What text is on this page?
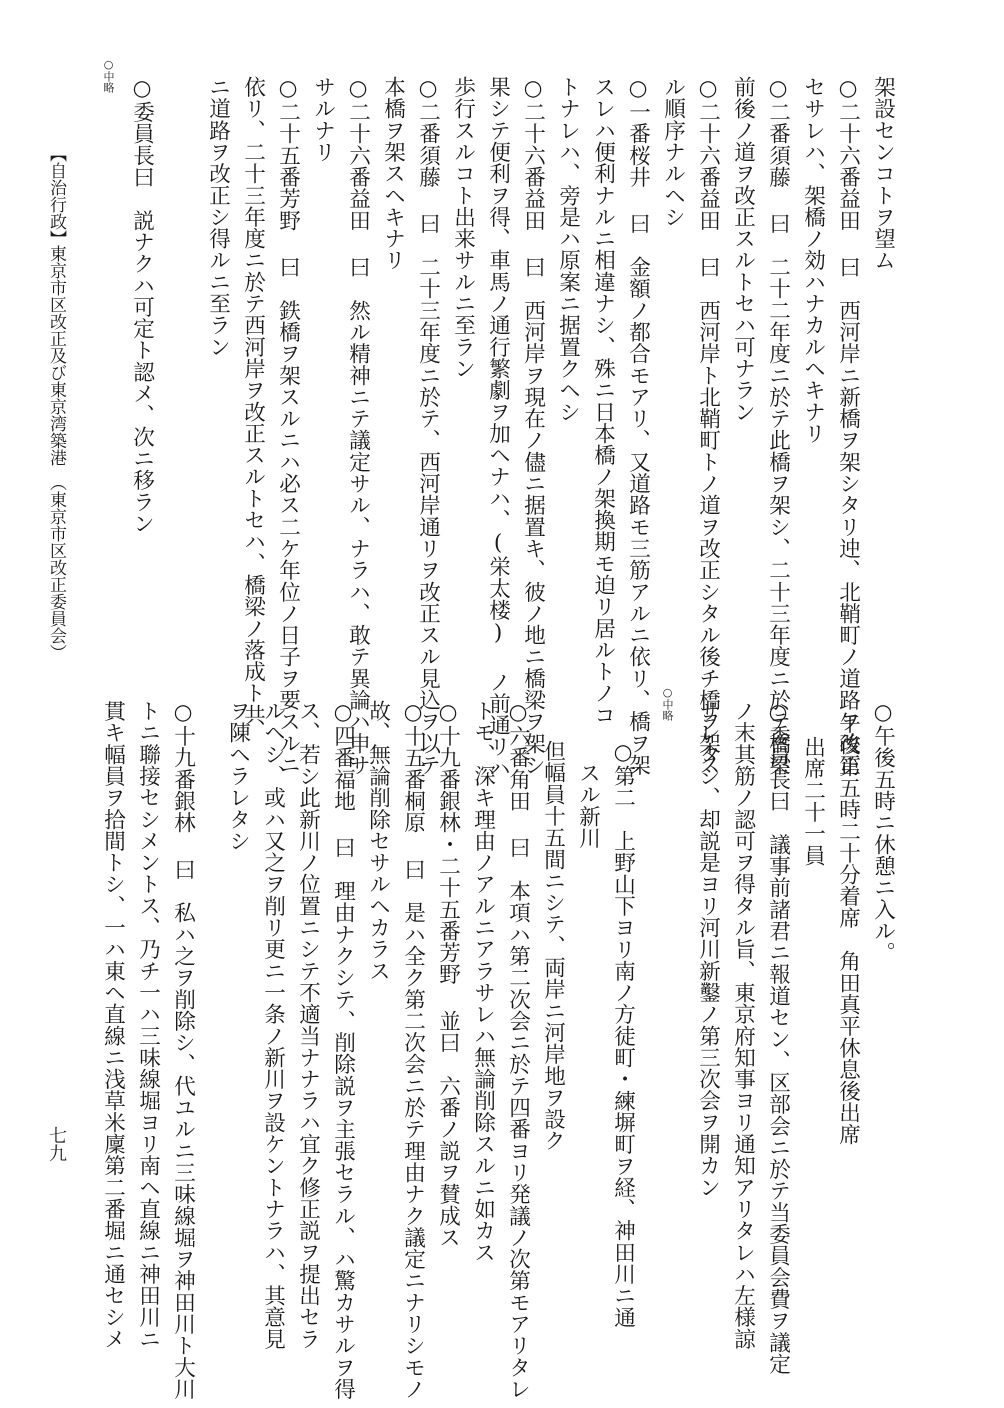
架設センコトヲ望ム
○二十六番益田 曰　西河岸ニ新橋ヲ架シタリ迚、北鞘町ノ道路ヲ改正
セサレハ、架橋ノ効ハナカルヘキナリ
○二番須藤 曰　二十二年度ニ於テ此橋ヲ架シ、二十三年度ニ於テ橋梁
前後ノ道ヲ改正スルトセハ可ナラン
○二十六番益田 曰　西河岸ト北鞘町トノ道ヲ改正シタル後チ橋ヲ架ス
ル順序ナルヘシ
○一番桜井 曰　金額ノ都合モアリ、又道路モ三筋アルニ依リ、橋ヲ架
スレハ便利ナルニ相違ナシ、殊ニ日本橋ノ架換期モ迫リ居ルトノコ
トナレハ、旁是ハ原案ニ据置クヘシ
○二十六番益田 曰　西河岸ヲ現在ノ儘ニ据置キ、彼ノ地ニ橋梁ヲ架シ
果シテ便利ヲ得、車馬ノ通行繁劇ヲ加ヘナハ、(栄太楼) ノ前通リハ
歩行スルコト出来サルニ至ラン
○二番須藤 曰　二十三年度ニ於テ、西河岸通リヲ改正スル見込ヲ以テ
本橋ヲ架スヘキナリ
○二十六番益田 曰　然ル精神ニテ議定サル、ナラハ、敢テ異論ハ申サ
サルナリ
○二十五番芳野 曰　鉄橋ヲ架スルニハ必ス二ケ年位ノ日子ヲ要スルニ
依リ、二十三年度ニ於テ西河岸ヲ改正スルトセハ、橋梁ノ落成ト共
ニ道路ヲ改正シ得ルニ至ラン
○委員長曰　説ナクハ可定ト認メ、次ニ移ラン
○中略
○午後五時ニ休憩ニ入ル。
午後第五時二十分着席　角田真平休息後出席
出席二十一員
○委員長曰　議事前諸君ニ報道セン、区部会ニ於テ当委員会費ヲ議定
ノ末其筋ノ認可ヲ得タル旨、東京府知事ヨリ通知アリタレハ左様諒
サレタシ、却説是ヨリ河川新鑿ノ第三次会ヲ開カン
○中略
○第二　上野山下ヨリ南ノ方徒町・練塀町ヲ経、神田川ニ通
スル新川
但幅員十五間ニシテ、両岸ニ河岸地ヲ設ク
○六番角田 曰　本項ハ第二次会ニ於テ四番ヨリ発議ノ次第モアリタレ
トモ、深キ理由ノアルニアラサレハ無論削除スルニ如カス
○十九番銀林・二十五番芳野 並曰　六番ノ説ヲ賛成ス
○十五番桐原 曰　是ハ全ク第二次会ニ於テ理由ナク議定ニナリシモノ
故、無論削除セサルヘカラス
○四番福地 曰　理由ナクシテ、削除説ヲ主張セラル、ハ驚カサルヲ得
ス、若シ此新川ノ位置ニシテ不適当ナナラハ宜ク修正説ヲ提出セラ
ルヘシ、或ハ又之ヲ削リ更ニ一条ノ新川ヲ設ケントナラハ、其意見
ヲ陳ヘラレタシ
○十九番銀林 曰　私ハ之ヲ削除シ、代ユルニ三味線堀ヲ神田川ト大川
トニ聯接セシメントス、乃チ一ハ三味線堀ヨリ南ヘ直線ニ神田川ニ
貫キ幅員ヲ拾間トシ、一ハ東ヘ直線ニ浅草米廩第二番堀ニ通セシメ
【自治行政】
東京市区改正及び東京湾築港
（東京市区改正委員会）
七九
